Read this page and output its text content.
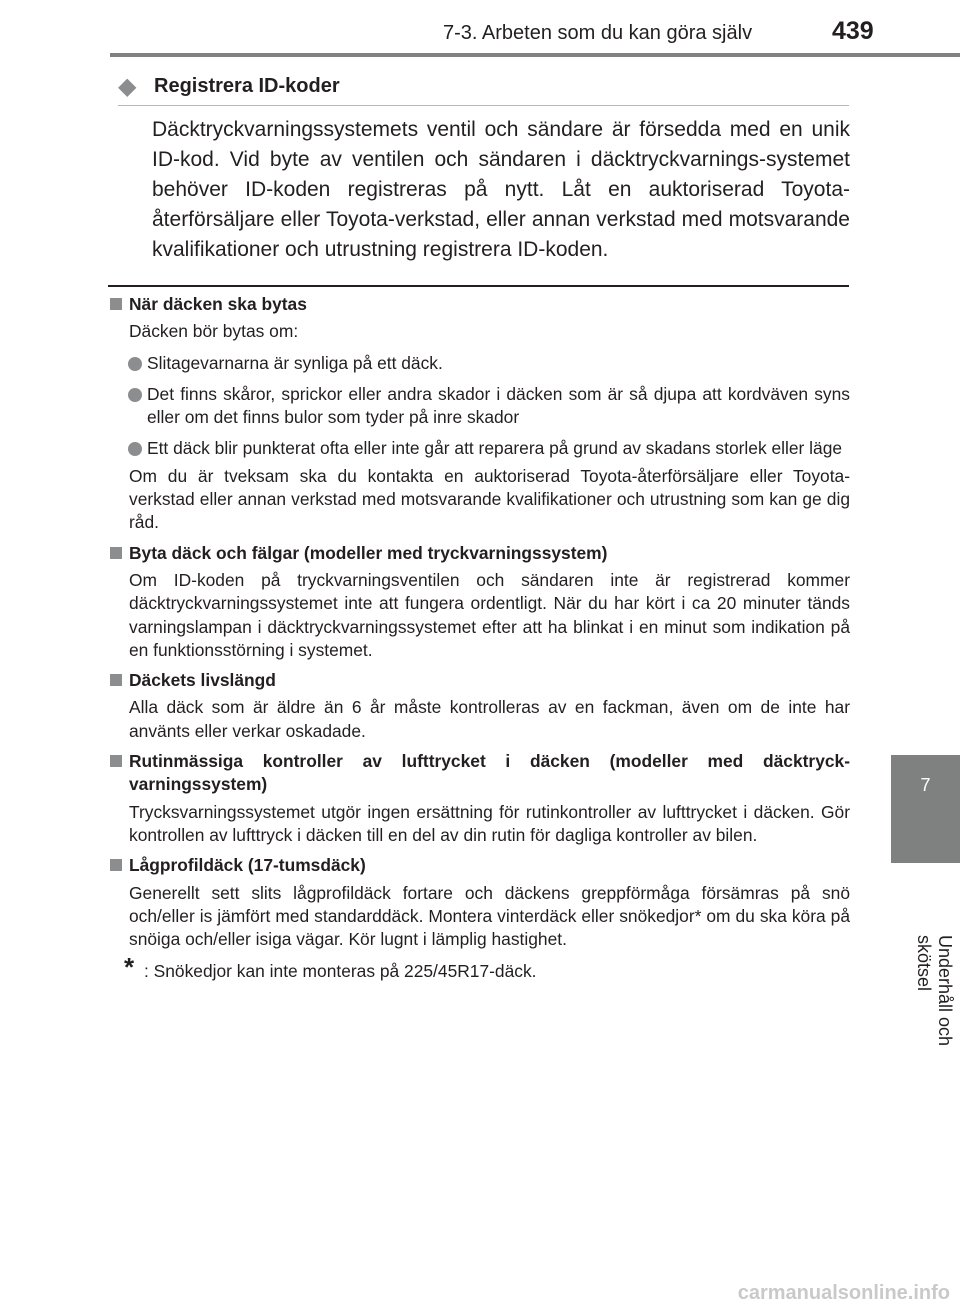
7-3. Arbeten som du kan göra själv	439
7
Underhåll och skötsel
◆ Registrera ID-koder

Däcktryckvarningssystemets ventil och sändare är försedda med en unik ID-kod. Vid byte av ventilen och sändaren i däcktryckvarnings-systemet behöver ID-koden registreras på nytt. Låt en auktoriserad Toyota-återförsäljare eller Toyota-verkstad, eller annan verkstad med motsvarande kvalifikationer och utrustning registrera ID-koden.

När däcken ska bytas
Däcken bör bytas om:
Slitagevarnarna är synliga på ett däck.
Det finns skåror, sprickor eller andra skador i däcken som är så djupa att kordväven syns eller om det finns bulor som tyder på inre skador
Ett däck blir punkterat ofta eller inte går att reparera på grund av skadans storlek eller läge
Om du är tveksam ska du kontakta en auktoriserad Toyota-återförsäljare eller Toyota-verkstad eller annan verkstad med motsvarande kvalifikationer och utrustning som kan ge dig råd.
Byta däck och fälgar (modeller med tryckvarningssystem)
Om ID-koden på tryckvarningsventilen och sändaren inte är registrerad kommer däcktryckvarningssystemet inte att fungera ordentligt. När du har kört i ca 20 minuter tänds varningslampan i däcktryckvarningssystemet efter att ha blinkat i en minut som indikation på en funktionsstörning i systemet.
Däckets livslängd
Alla däck som är äldre än 6 år måste kontrolleras av en fackman, även om de inte har använts eller verkar oskadade.
Rutinmässiga kontroller av lufttrycket i däcken (modeller med däcktryck-varningssystem)
Trycksvarningssystemet utgör ingen ersättning för rutinkontroller av lufttrycket i däcken. Gör kontrollen av lufttryck i däcken till en del av din rutin för dagliga kontroller av bilen.
Lågprofildäck (17-tumsdäck)
Generellt sett slits lågprofildäck fortare och däckens greppförmåga försämras på snö och/eller is jämfört med standarddäck. Montera vinterdäck eller snökedjor* om du ska köra på snöiga och/eller isiga vägar. Kör lugnt i lämplig hastighet.
* : Snökedjor kan inte monteras på 225/45R17-däck.
carmanualsonline.info
